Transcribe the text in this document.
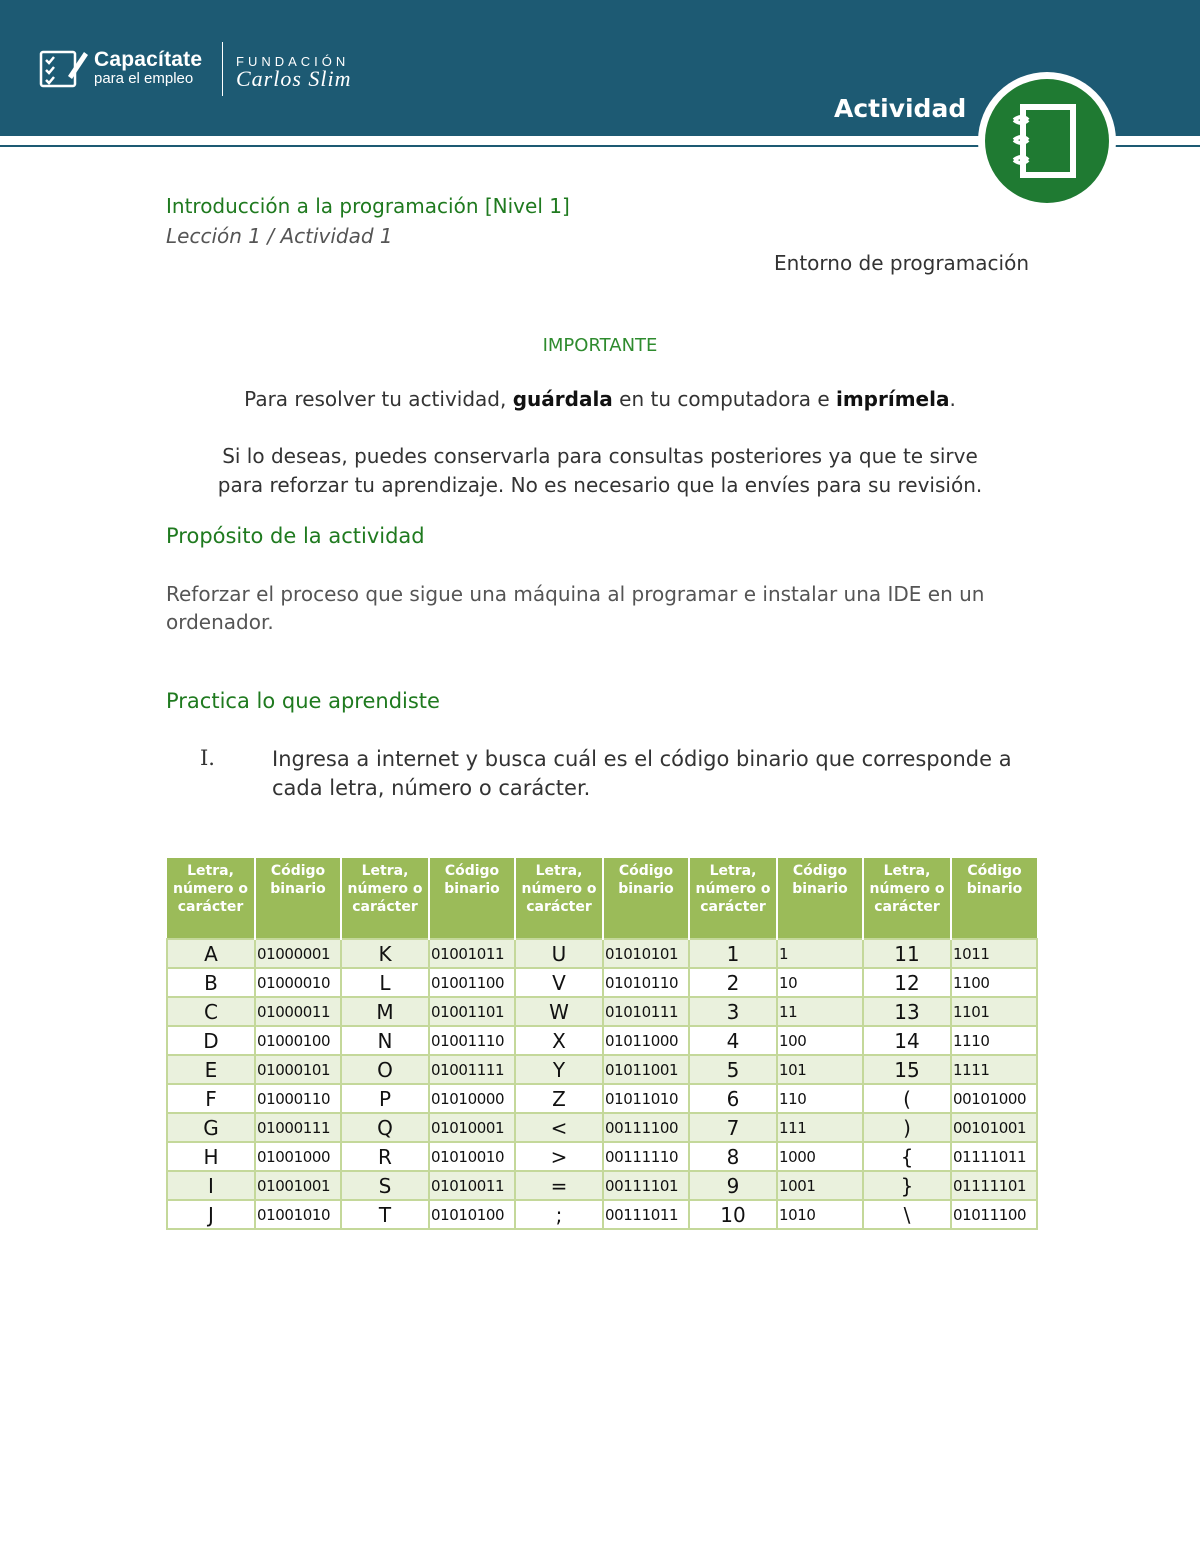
Capacítate
para el empleo
FUNDACIÓN
Carlos Slim
Actividad
Introducción a la programación [Nivel 1]
Lección 1 / Actividad 1
Entorno de programación
IMPORTANTE
Para resolver tu actividad, guárdala en tu computadora e imprímela.
Si lo deseas, puedes conservarla para consultas posteriores ya que te sirve
para reforzar tu aprendizaje. No es necesario que la envíes para su revisión.
Propósito de la actividad
Reforzar el proceso que sigue una máquina al programar e instalar una IDE en un ordenador.
Practica lo que aprendiste
I.	Ingresa a internet y busca cuál es el código binario que corresponde a cada letra, número o carácter.
Letra, número o carácter	Código binario	Letra, número o carácter	Código binario	Letra, número o carácter	Código binario	Letra, número o carácter	Código binario	Letra, número o carácter	Código binario
A	01000001	K	01001011	U	01010101	1	1	11	1011
B	01000010	L	01001100	V	01010110	2	10	12	1100
C	01000011	M	01001101	W	01010111	3	11	13	1101
D	01000100	N	01001110	X	01011000	4	100	14	1110
E	01000101	O	01001111	Y	01011001	5	101	15	1111
F	01000110	P	01010000	Z	01011010	6	110	(	00101000
G	01000111	Q	01010001	<	00111100	7	111	)	00101001
H	01001000	R	01010010	>	00111110	8	1000	{	01111011
I	01001001	S	01010011	=	00111101	9	1001	}	01111101
J	01001010	T	01010100	;	00111011	10	1010	\	01011100
